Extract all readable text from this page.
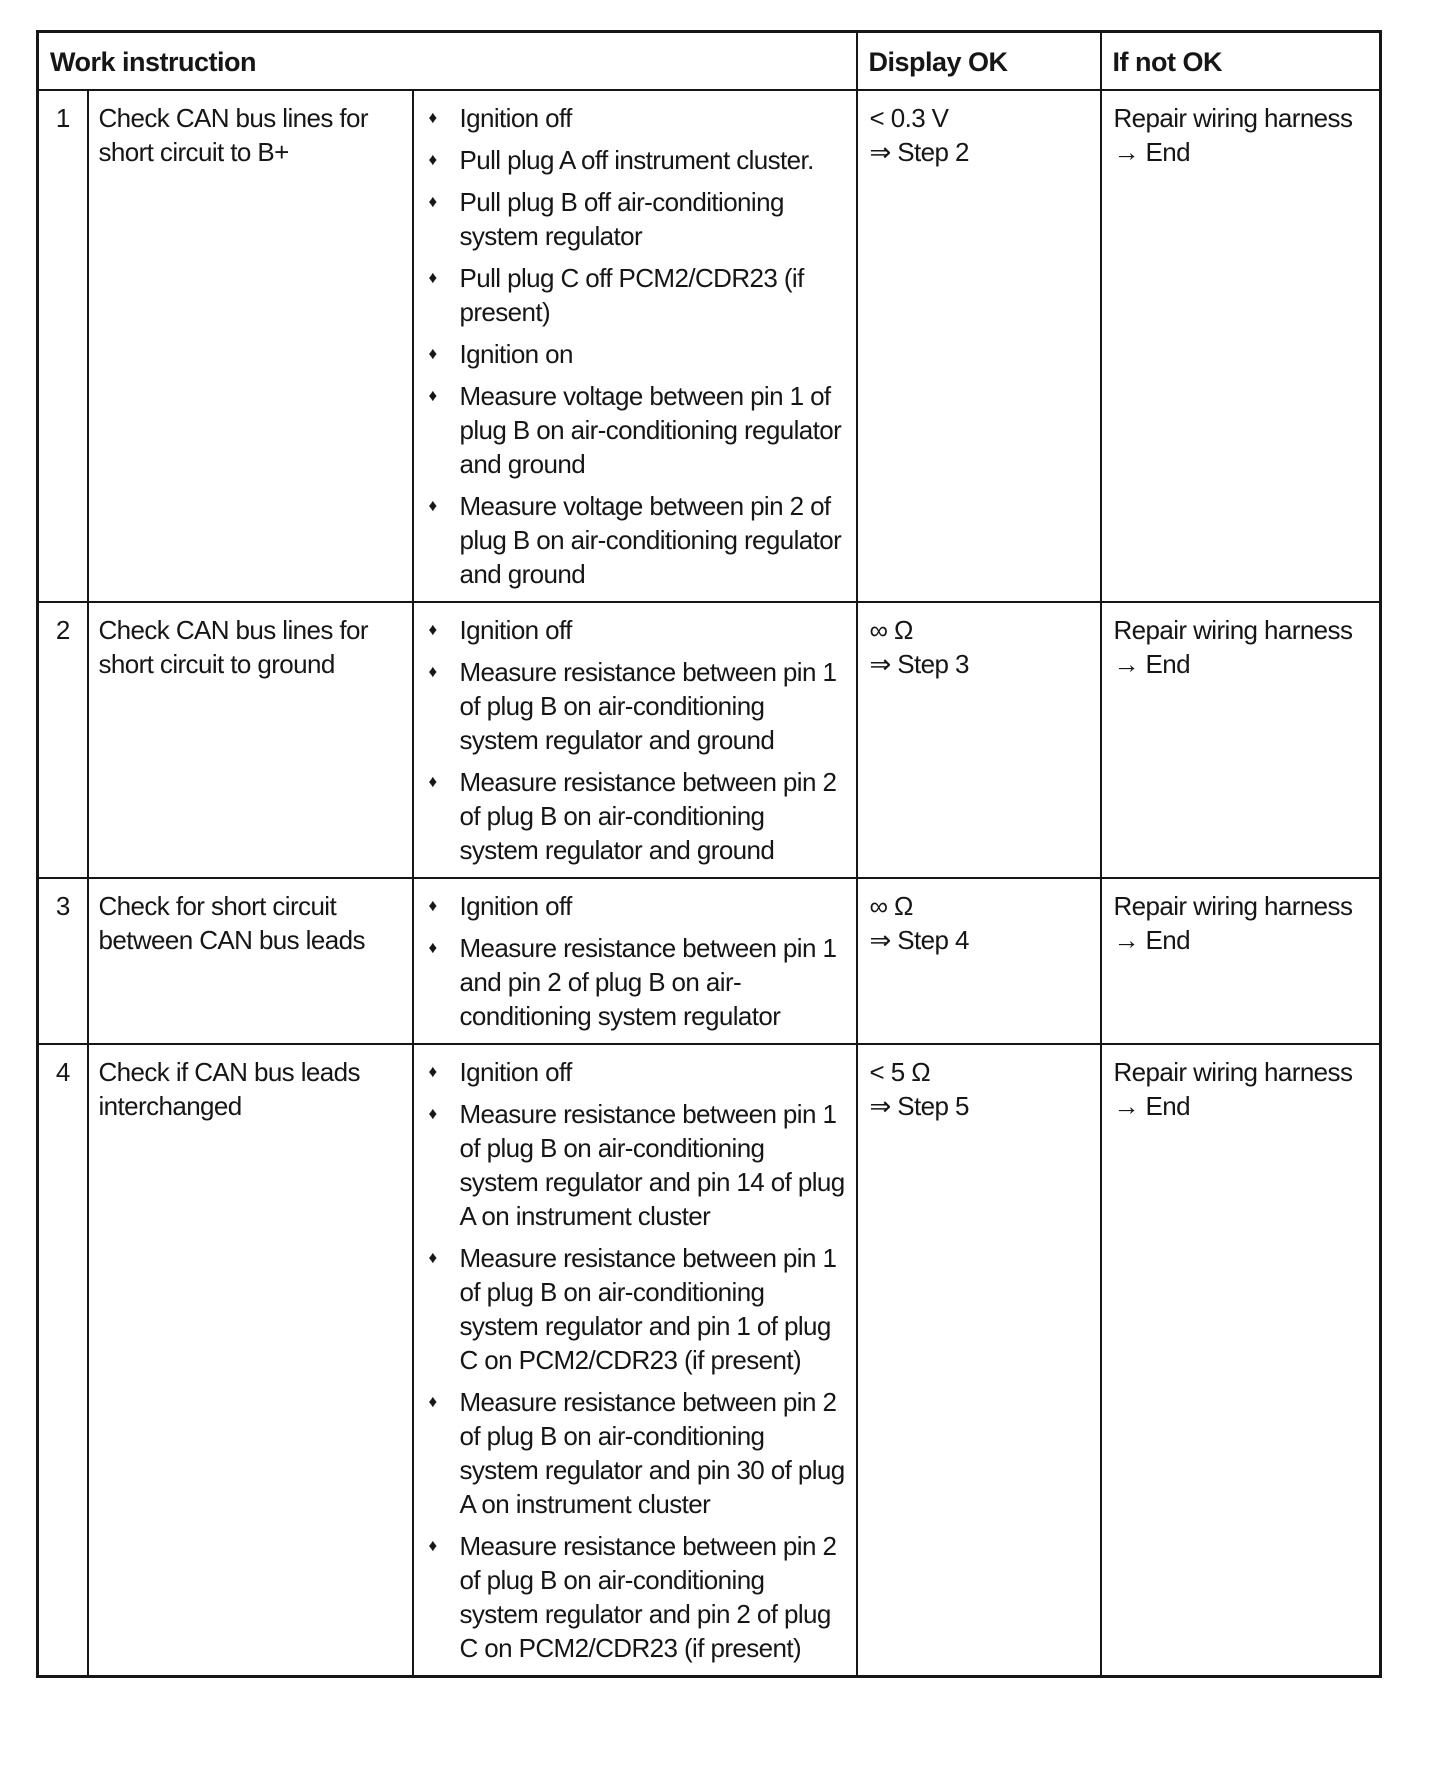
Work instruction			Display OK	If not OK
1	Check CAN bus lines for short circuit to B+	
♦ Ignition off
♦ Pull plug A off instrument cluster.
♦ Pull plug B off air-conditioning system regulator
♦ Pull plug C off PCM2/CDR23 (if present)
♦ Ignition on
♦ Measure voltage between pin 1 of plug B on air-conditioning regulator and ground
♦ Measure voltage between pin 2 of plug B on air-conditioning regulator and ground

< 0.3 V
⇒ Step 2

Repair wiring harness
→ End

2	Check CAN bus lines for short circuit to ground	
♦ Ignition off
♦ Measure resistance between pin 1 of plug B on air-conditioning system regulator and ground
♦ Measure resistance between pin 2 of plug B on air-conditioning system regulator and ground

∞ Ω
⇒ Step 3

Repair wiring harness
→ End

3	Check for short circuit between CAN bus leads	
♦ Ignition off
♦ Measure resistance between pin 1 and pin 2 of plug B on air-conditioning system regulator

∞ Ω
⇒ Step 4

Repair wiring harness
→ End

4	Check if CAN bus leads interchanged	
♦ Ignition off
♦ Measure resistance between pin 1 of plug B on air-conditioning system regulator and pin 14 of plug A on instrument cluster
♦ Measure resistance between pin 1 of plug B on air-conditioning system regulator and pin 1 of plug C on PCM2/CDR23 (if present)
♦ Measure resistance between pin 2 of plug B on air-conditioning system regulator and pin 30 of plug A on instrument cluster
♦ Measure resistance between pin 2 of plug B on air-conditioning system regulator and pin 2 of plug C on PCM2/CDR23 (if present)

< 5 Ω
⇒ Step 5

Repair wiring harness
→ End
